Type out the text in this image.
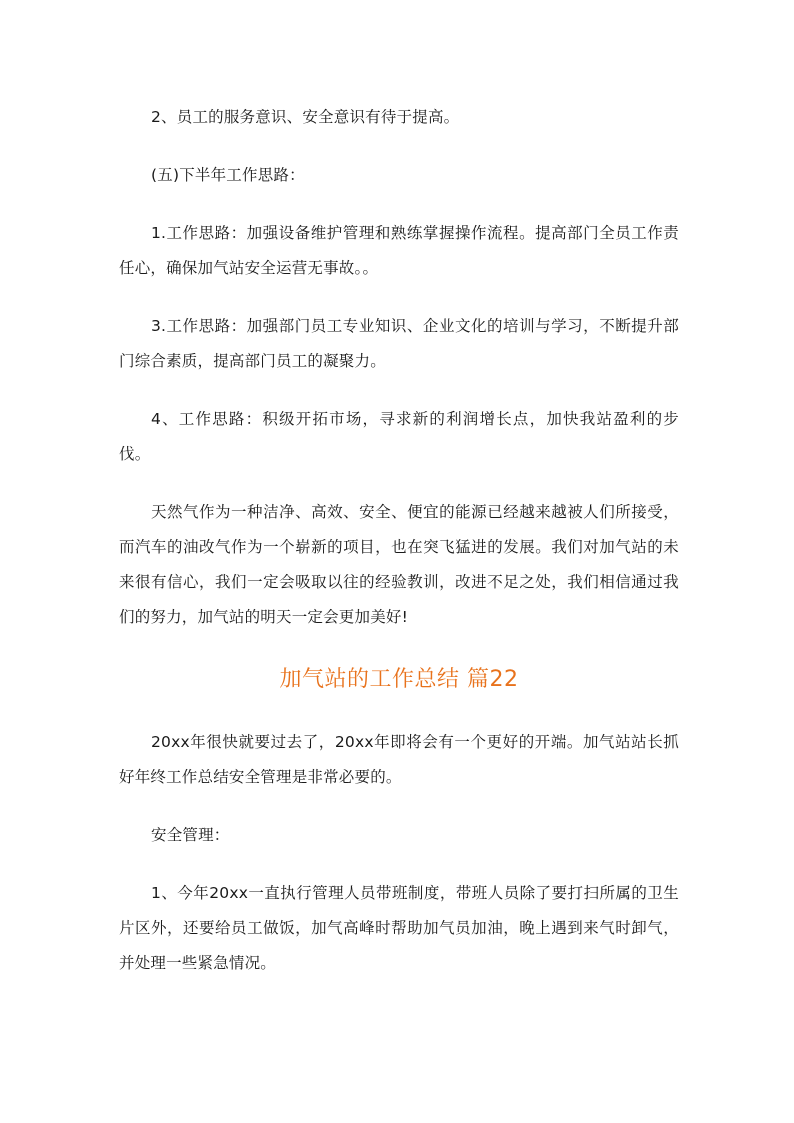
2、员工的服务意识、安全意识有待于提高。

(五)下半年工作思路：

1.工作思路：加强设备维护管理和熟练掌握操作流程。提高部门全员工作责任心，确保加气站安全运营无事故。。

3.工作思路：加强部门员工专业知识、企业文化的培训与学习，不断提升部门综合素质，提高部门员工的凝聚力。

4、工作思路：积级开拓市场，寻求新的利润增长点，加快我站盈利的步伐。

天然气作为一种洁净、高效、安全、便宜的能源已经越来越被人们所接受，而汽车的油改气作为一个崭新的项目，也在突飞猛进的发展。我们对加气站的未来很有信心，我们一定会吸取以往的经验教训，改进不足之处，我们相信通过我们的努力，加气站的明天一定会更加美好!

加气站的工作总结 篇22

20xx年很快就要过去了，20xx年即将会有一个更好的开端。加气站站长抓好年终工作总结安全管理是非常必要的。

安全管理：

1、今年20xx一直执行管理人员带班制度，带班人员除了要打扫所属的卫生片区外，还要给员工做饭，加气高峰时帮助加气员加油，晚上遇到来气时卸气，并处理一些紧急情况。
